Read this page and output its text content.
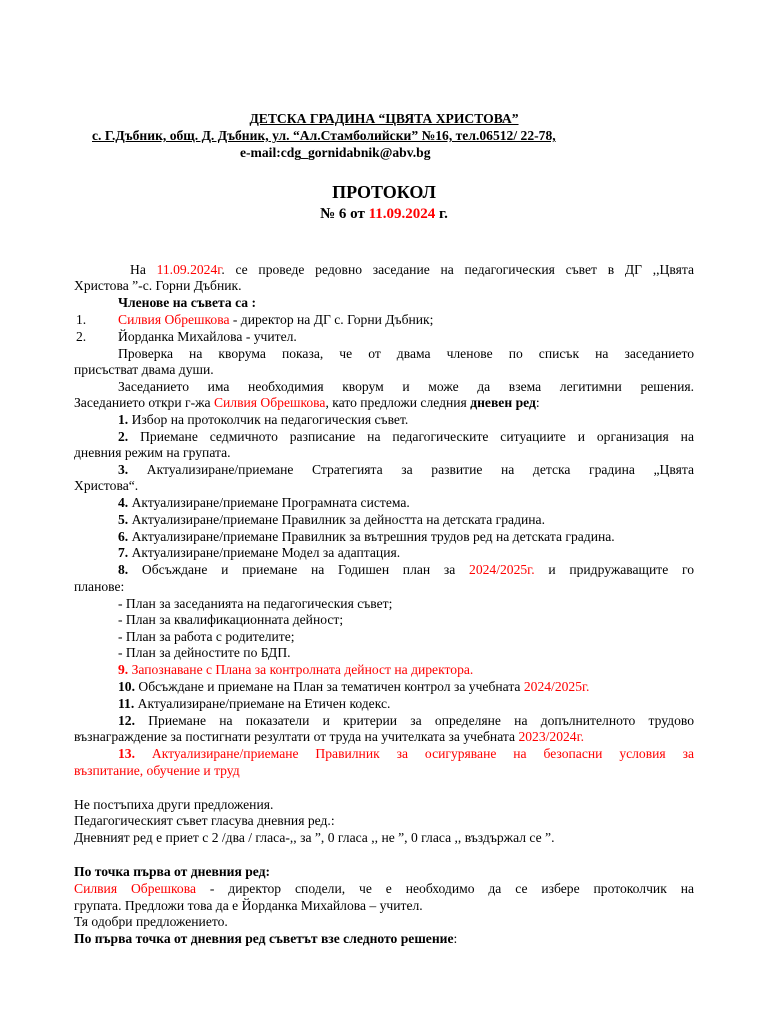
ДЕТСКА ГРАДИНА “ЦВЯТА ХРИСТОВА”
с. Г.Дъбник, общ. Д. Дъбник, ул. “Ал.Стамболийски” №16, тел.06512/ 22-78,
e-mail:cdg_gornidabnik@abv.bg
ПРОТОКОЛ
№ 6 от 11.09.2024 г.
На 11.09.2024г. се проведе редовно заседание на педагогическия съвет в ДГ ,,Цвята
Христова ”-с. Горни Дъбник.
Членове на съвета са :
1. Силвия Обрешкова - директор на ДГ с. Горни Дъбник;
2. Йорданка Михайлова - учител.
Проверка на кворума показа, че от двама членове по списък на заседанието
присъстват двама души.
Заседанието има необходимия кворум и може да взема легитимни решения.
Заседанието откри г-жа Силвия Обрешкова, като предложи следния дневен ред:
1. Избор на протоколчик на педагогическия съвет.
2. Приемане седмичното разписание на педагогическите ситуациите и организация на
дневния режим на групата.
3. Актуализиране/приемане Стратегията за развитие на детска градина „Цвята
Христова“.
4. Актуализиране/приемане Програмната система.
5. Актуализиране/приемане Правилник за дейността на детската градина.
6. Актуализиране/приемане Правилник за вътрешния трудов ред на детската градина.
7. Актуализиране/приемане Модел за адаптация.
8. Обсъждане и приемане на Годишен план за 2024/2025г. и придружаващите го
планове:
- План за заседанията на педагогическия съвет;
- План за квалификационната дейност;
- План за работа с родителите;
- План за дейностите по БДП.
9. Запознаване с Плана за контролната дейност на директора.
10. Обсъждане и приемане на План за тематичен контрол за учебната 2024/2025г.
11. Актуализиране/приемане на Етичен кодекс.
12. Приемане на показатели и критерии за определяне на допълнителното трудово
възнаграждение за постигнати резултати от труда на учителката за учебната 2023/2024г.
13. Актуализиране/приемане Правилник за осигуряване на безопасни условия за
възпитание, обучение и труд
Не постъпиха други предложения.
Педагогическият съвет гласува дневния ред.:
Дневният ред е приет с 2 /два / гласа-,, за ”, 0 гласа ,, не ”, 0 гласа ,, въздържал се ”.
По точка първа от дневния ред:
Силвия Обрешкова - директор сподели, че е необходимо да се избере протоколчик на
групата. Предложи това да е Йорданка Михайлова – учител.
Тя одобри предложението.
По първа точка от дневния ред съветът взе следното решение:
